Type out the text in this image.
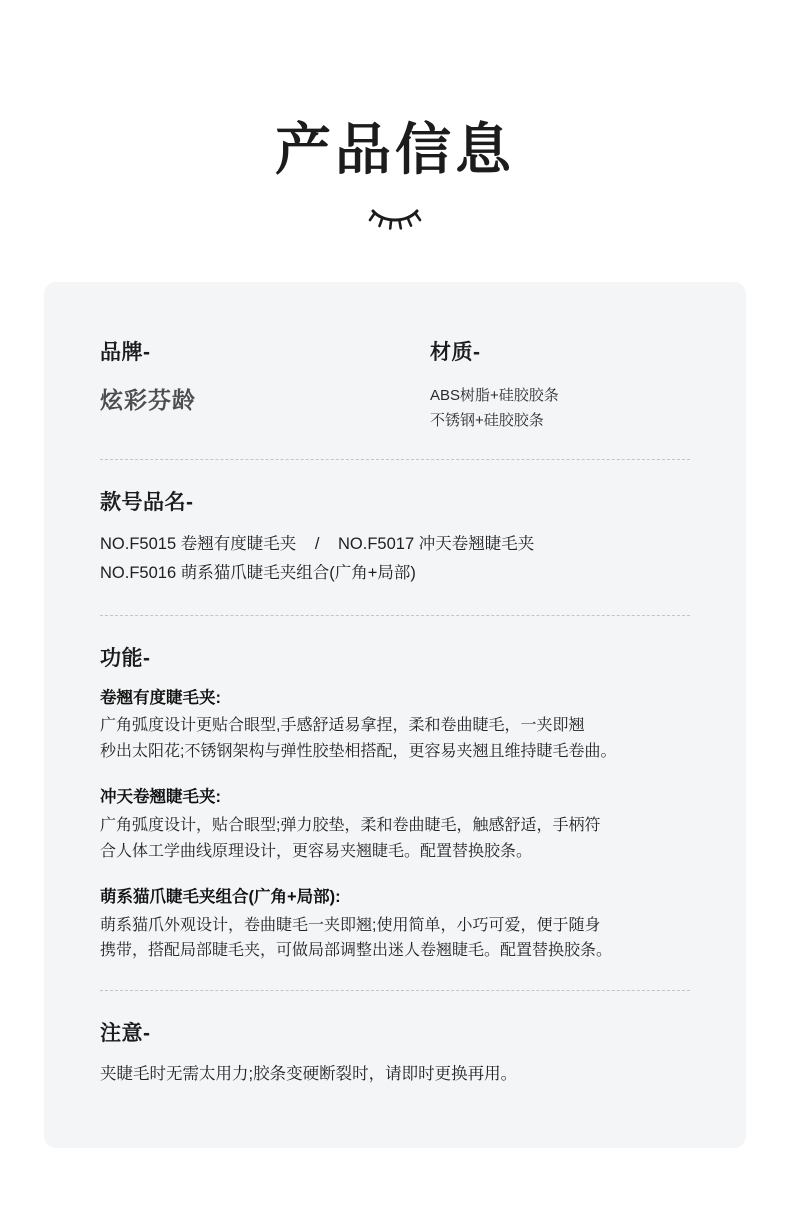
产品信息
品牌-
炫彩芬龄
材质-
ABS树脂+硅胶胶条
不锈钢+硅胶胶条
款号品名-
NO.F5015 卷翘有度睫毛夹 / NO.F5017 冲天卷翘睫毛夹
NO.F5016 萌系猫爪睫毛夹组合(广角+局部)
功能-
卷翘有度睫毛夹:
广角弧度设计更贴合眼型,手感舒适易拿捏，柔和卷曲睫毛，一夹即翘
秒出太阳花;不锈钢架构与弹性胶垫相搭配，更容易夹翘且维持睫毛卷曲。
冲天卷翘睫毛夹:
广角弧度设计，贴合眼型;弹力胶垫，柔和卷曲睫毛，触感舒适，手柄符
合人体工学曲线原理设计，更容易夹翘睫毛。配置替换胶条。
萌系猫爪睫毛夹组合(广角+局部):
萌系猫爪外观设计，卷曲睫毛一夹即翘;使用简单，小巧可爱，便于随身
携带，搭配局部睫毛夹，可做局部调整出迷人卷翘睫毛。配置替换胶条。
注意-
夹睫毛时无需太用力;胶条变硬断裂时，请即时更换再用。
